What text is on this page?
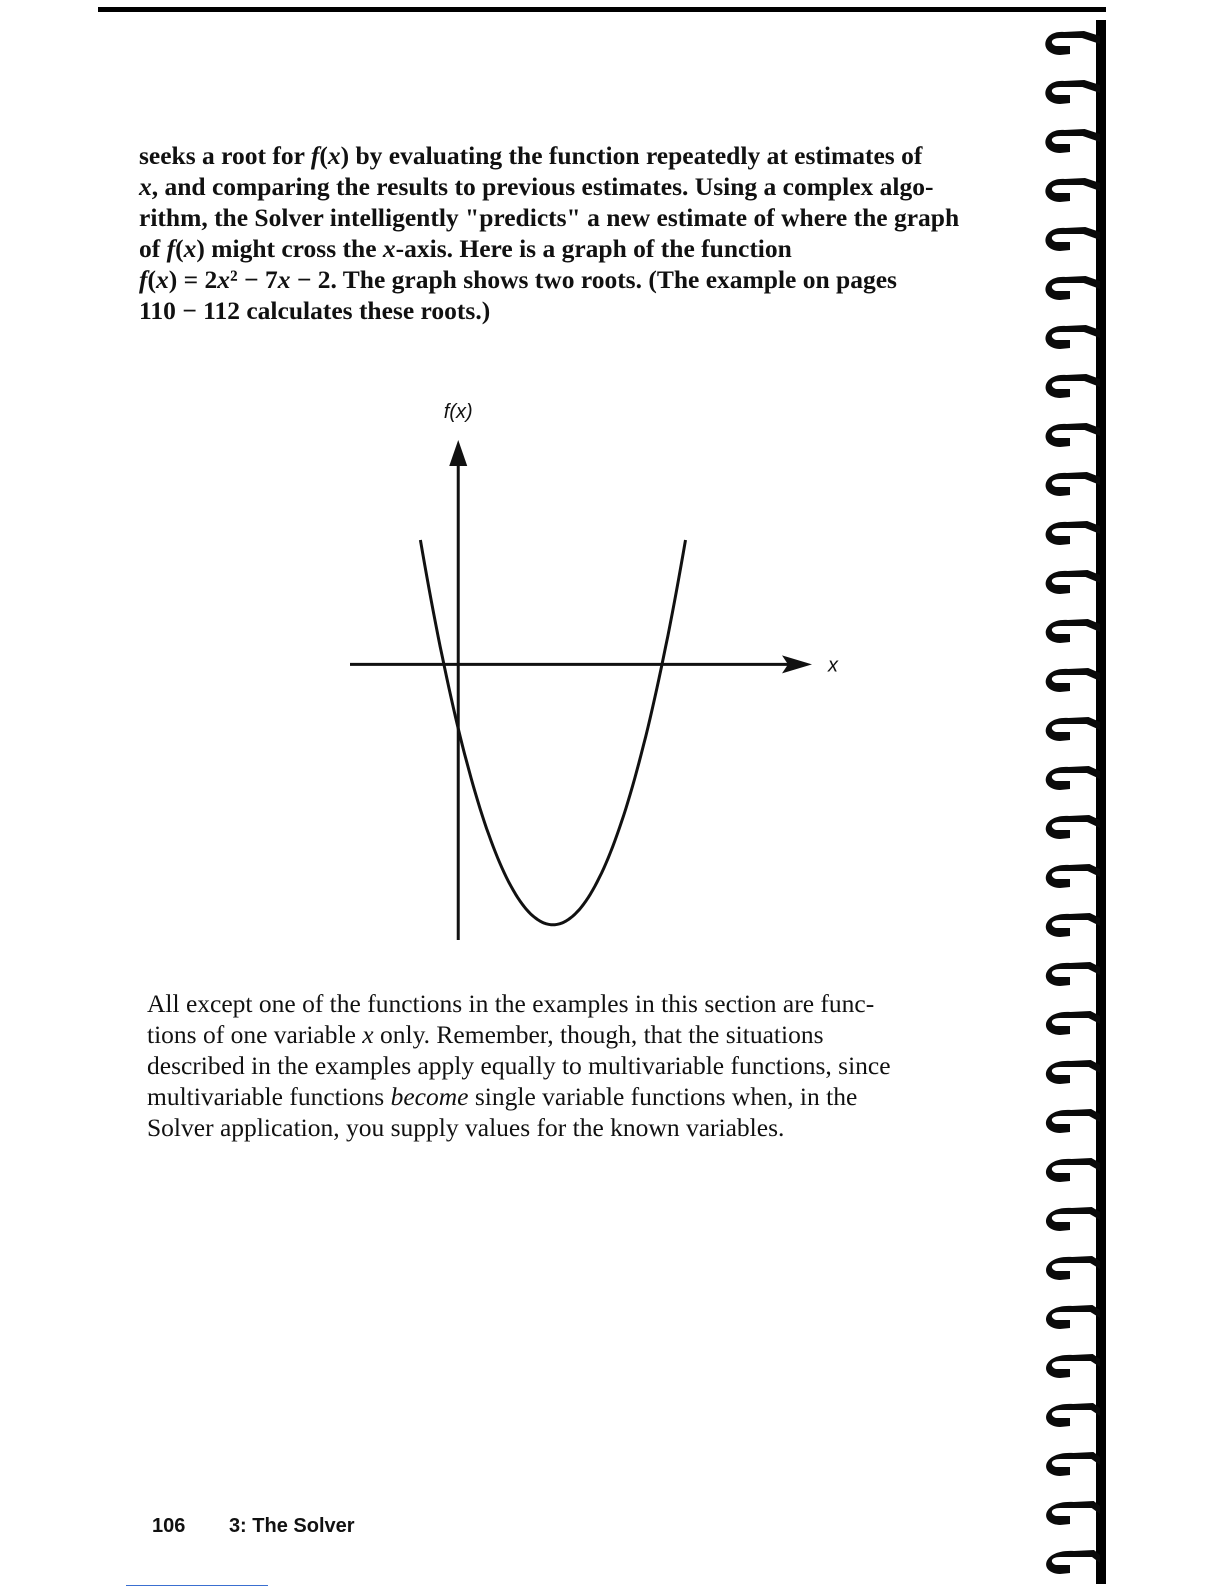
seeks a root for f(x) by evaluating the function repeatedly at estimates of
x, and comparing the results to previous estimates. Using a complex algo-
rithm, the Solver intelligently "predicts" a new estimate of where the graph
of f(x) might cross the x-axis. Here is a graph of the function
f(x) = 2x² − 7x − 2. The graph shows two roots. (The example on pages
110 − 112 calculates these roots.)

f(x)
x

All except one of the functions in the examples in this section are func-
tions of one variable x only. Remember, though, that the situations
described in the examples apply equally to multivariable functions, since
multivariable functions become single variable functions when, in the
Solver application, you supply values for the known variables.

106 3: The Solver
